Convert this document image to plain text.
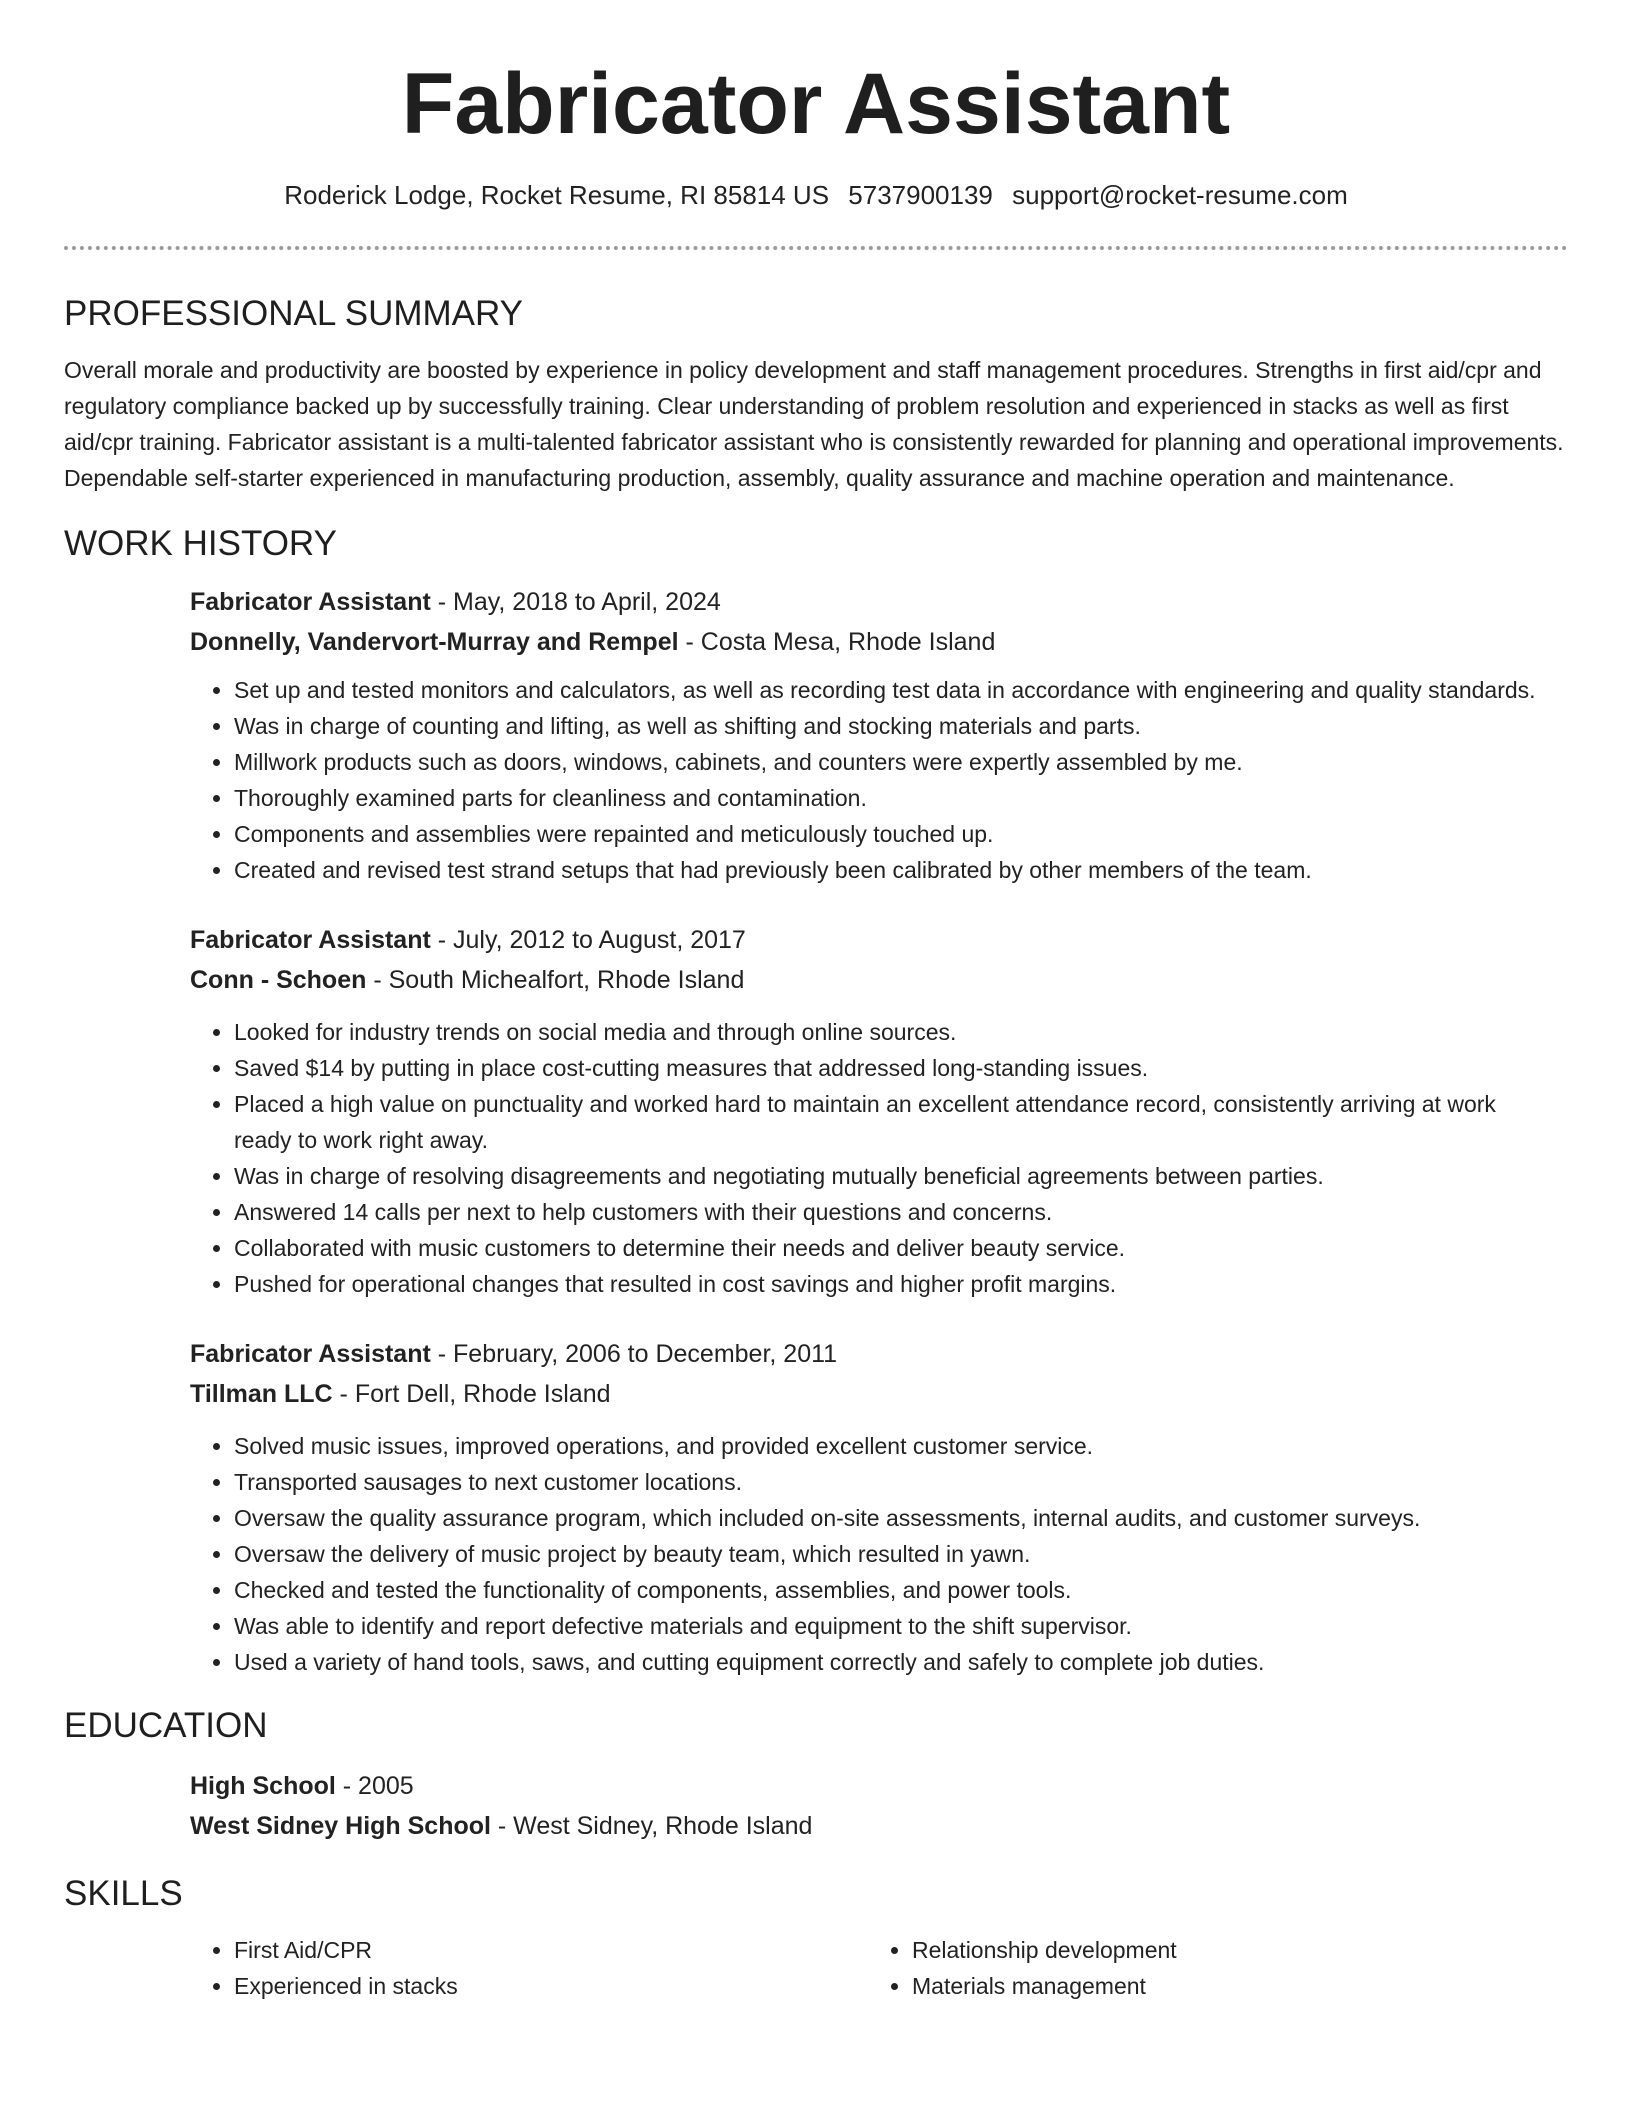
Fabricator Assistant
Roderick Lodge, Rocket Resume, RI 85814 US 5737900139 support@rocket-resume.com
PROFESSIONAL SUMMARY

Overall morale and productivity are boosted by experience in policy development and staff management procedures. Strengths in first aid/cpr and regulatory compliance backed up by successfully training. Clear understanding of problem resolution and experienced in stacks as well as first aid/cpr training. Fabricator assistant is a multi-talented fabricator assistant who is consistently rewarded for planning and operational improvements. Dependable self-starter experienced in manufacturing production, assembly, quality assurance and machine operation and maintenance.

WORK HISTORY

Fabricator Assistant - May, 2018 to April, 2024

Donnelly, Vandervort-Murray and Rempel - Costa Mesa, Rhode Island

• Set up and tested monitors and calculators, as well as recording test data in accordance with engineering and quality standards.
• Was in charge of counting and lifting, as well as shifting and stocking materials and parts.
• Millwork products such as doors, windows, cabinets, and counters were expertly assembled by me.
• Thoroughly examined parts for cleanliness and contamination.
• Components and assemblies were repainted and meticulously touched up.
• Created and revised test strand setups that had previously been calibrated by other members of the team.

Fabricator Assistant - July, 2012 to August, 2017

Conn - Schoen - South Michealfort, Rhode Island

• Looked for industry trends on social media and through online sources.
• Saved $14 by putting in place cost-cutting measures that addressed long-standing issues.
• Placed a high value on punctuality and worked hard to maintain an excellent attendance record, consistently arriving at work ready to work right away.
• Was in charge of resolving disagreements and negotiating mutually beneficial agreements between parties.
• Answered 14 calls per next to help customers with their questions and concerns.
• Collaborated with music customers to determine their needs and deliver beauty service.
• Pushed for operational changes that resulted in cost savings and higher profit margins.

Fabricator Assistant - February, 2006 to December, 2011

Tillman LLC - Fort Dell, Rhode Island

• Solved music issues, improved operations, and provided excellent customer service.
• Transported sausages to next customer locations.
• Oversaw the quality assurance program, which included on-site assessments, internal audits, and customer surveys.
• Oversaw the delivery of music project by beauty team, which resulted in yawn.
• Checked and tested the functionality of components, assemblies, and power tools.
• Was able to identify and report defective materials and equipment to the shift supervisor.
• Used a variety of hand tools, saws, and cutting equipment correctly and safely to complete job duties.
EDUCATION

High School - 2005

West Sidney High School - West Sidney, Rhode Island

SKILLS
• First Aid/CPR
• Experienced in stacks
• Relationship development
• Materials management
